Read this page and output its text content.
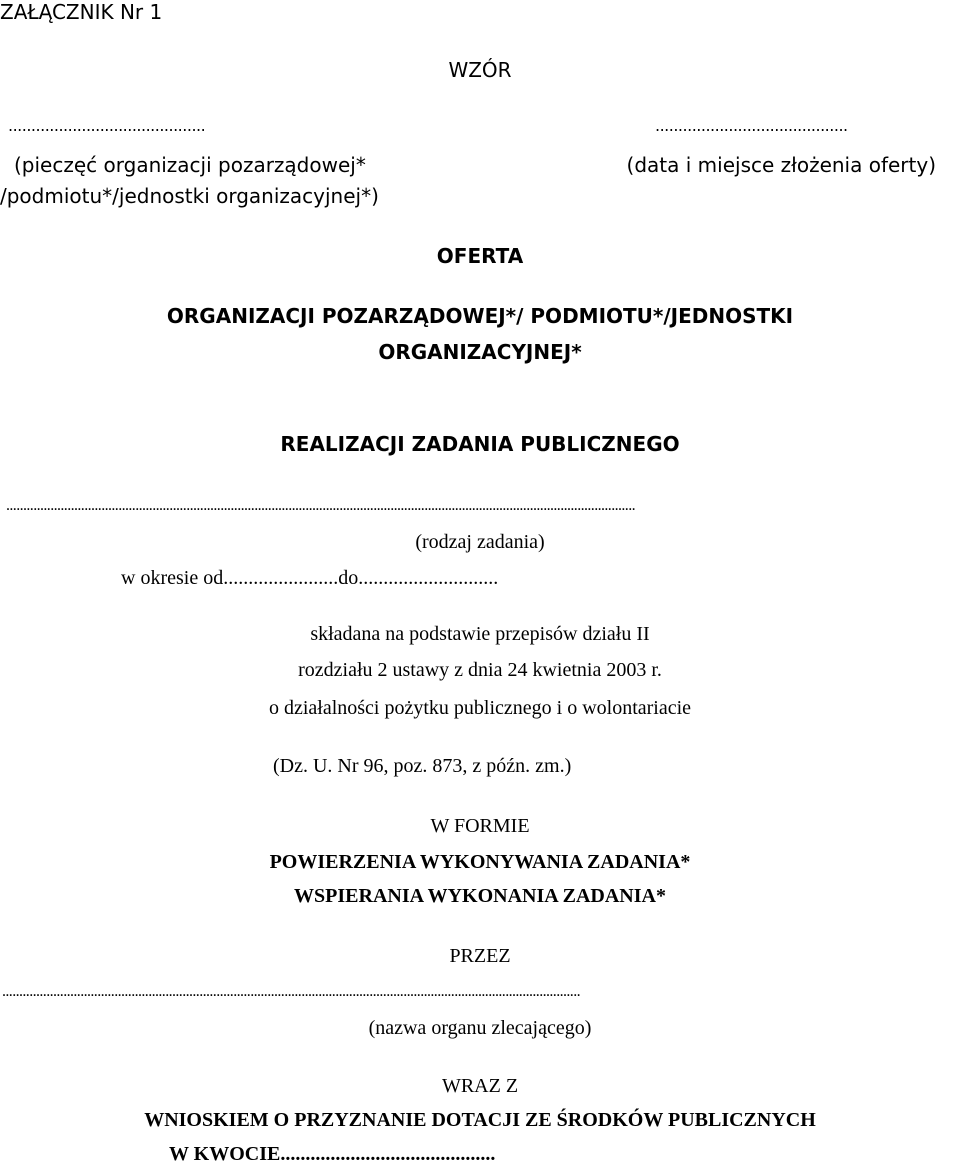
ZAŁĄCZNIK Nr 1
WZÓR
...........................................
(pieczęć organizacji pozarządowej*
/podmiotu*/jednostki organizacyjnej*)
..........................................
(data i miejsce złożenia oferty)
OFERTA
ORGANIZACJI POZARZĄDOWEJ*/ PODMIOTU*/JEDNOSTKI
ORGANIZACYJNEJ*
REALIZACJI ZADANIA PUBLICZNEGO
.........................................................................................................................................................................................
(rodzaj zadania)
w okresie od.......................do............................
składana na podstawie przepisów działu II
rozdziału 2 ustawy z dnia 24 kwietnia 2003 r.
o działalności pożytku publicznego i o wolontariacie
(Dz. U. Nr 96, poz. 873, z późn. zm.)
W FORMIE
POWIERZENIA WYKONYWANIA ZADANIA*
WSPIERANIA WYKONANIA ZADANIA*
PRZEZ
..........................................................................................................................................................................
(nazwa organu zlecającego)
WRAZ Z
WNIOSKIEM O PRZYZNANIE DOTACJI ZE ŚRODKÓW PUBLICZNYCH
W KWOCIE...........................................
